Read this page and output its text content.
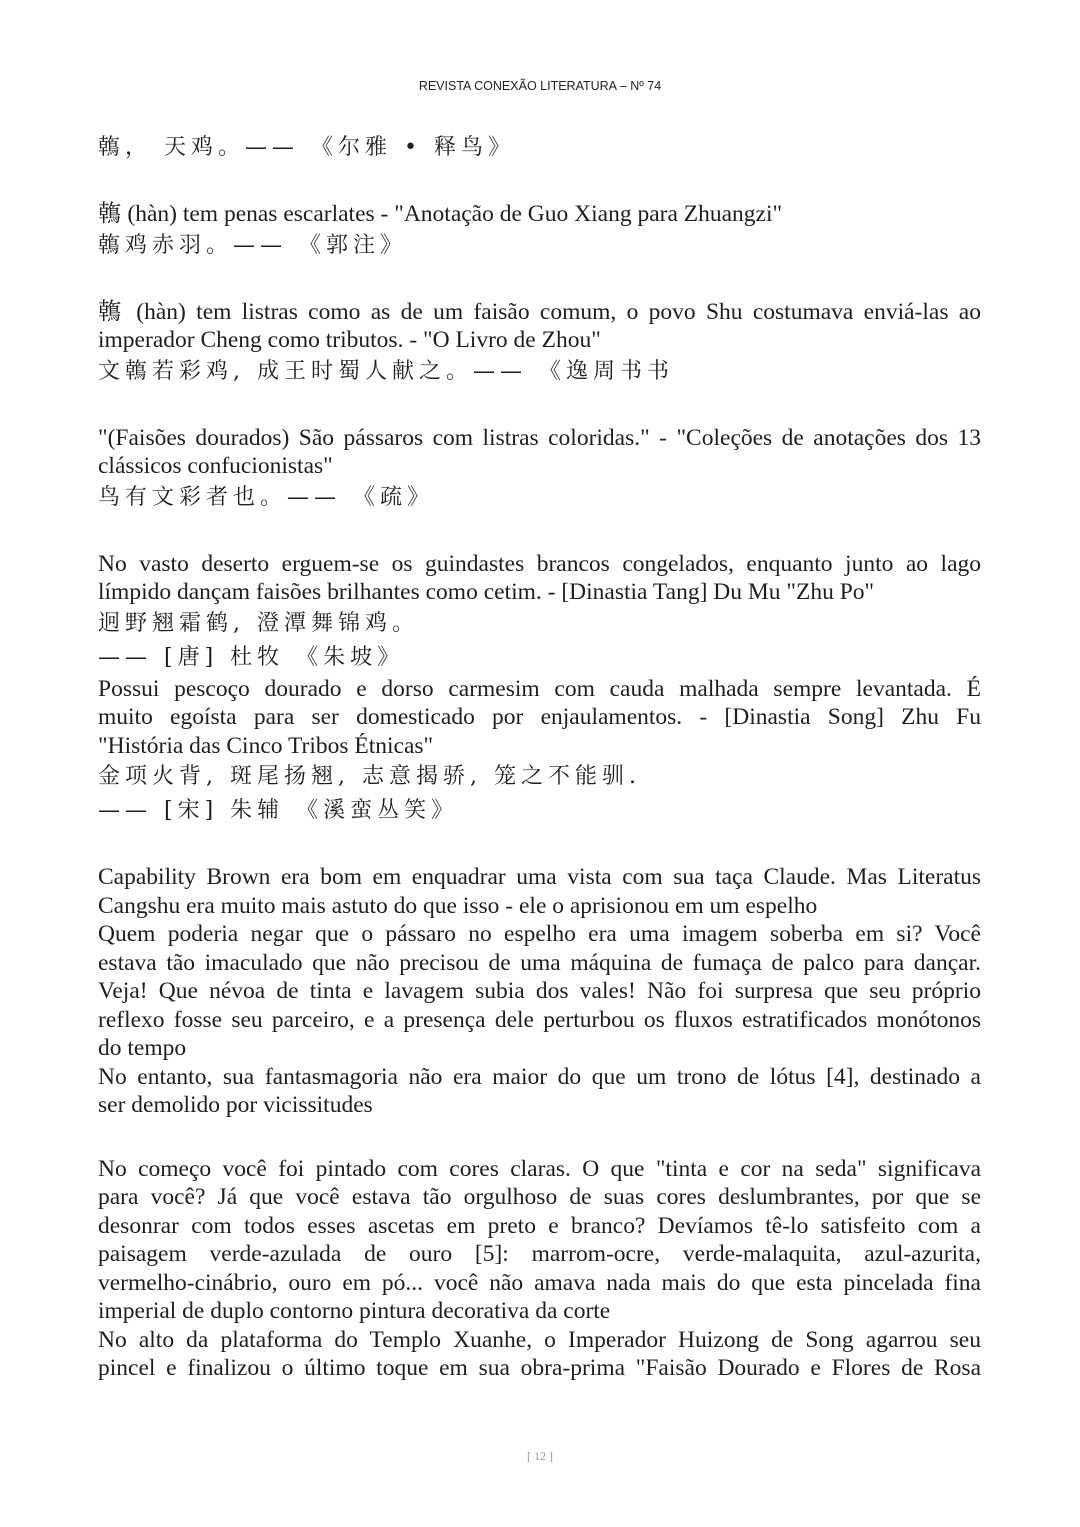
REVISTA CONEXÃO LITERATURA – Nº 74
鶾， 天鸡。—— 《尔雅 • 释鸟》
鶾 (hàn) tem penas escarlates - "Anotação de Guo Xiang para Zhuangzi"
鶾鸡赤羽。—— 《郭注》
鶾 (hàn) tem listras como as de um faisão comum, o povo Shu costumava enviá-las ao
imperador Cheng como tributos. - "O Livro de Zhou"
文鶾若彩鸡, 成王时蜀人献之。—— 《逸周书书
"(Faisões dourados) São pássaros com listras coloridas." - "Coleções de anotações dos 13
clássicos confucionistas"
鸟有文彩者也。—— 《疏》
No vasto deserto erguem-se os guindastes brancos congelados, enquanto junto ao lago
límpido dançam faisões brilhantes como cetim. - [Dinastia Tang] Du Mu "Zhu Po"
迥野翘霜鹤, 澄潭舞锦鸡。
—— [唐] 杜牧 《朱坡》
Possui pescoço dourado e dorso carmesim com cauda malhada sempre levantada. É
muito egoísta para ser domesticado por enjaulamentos. - [Dinastia Song] Zhu Fu
"História das Cinco Tribos Étnicas"
金项火背, 斑尾扬翘, 志意揭骄, 笼之不能驯.
—— [宋] 朱辅 《溪蛮丛笑》
Capability Brown era bom em enquadrar uma vista com sua taça Claude. Mas Literatus
Cangshu era muito mais astuto do que isso - ele o aprisionou em um espelho
Quem poderia negar que o pássaro no espelho era uma imagem soberba em si? Você
estava tão imaculado que não precisou de uma máquina de fumaça de palco para dançar.
Veja! Que névoa de tinta e lavagem subia dos vales! Não foi surpresa que seu próprio
reflexo fosse seu parceiro, e a presença dele perturbou os fluxos estratificados monótonos
do tempo
No entanto, sua fantasmagoria não era maior do que um trono de lótus [4], destinado a
ser demolido por vicissitudes
No começo você foi pintado com cores claras. O que "tinta e cor na seda" significava
para você? Já que você estava tão orgulhoso de suas cores deslumbrantes, por que se
desonrar com todos esses ascetas em preto e branco? Devíamos tê-lo satisfeito com a
paisagem verde-azulada de ouro [5]: marrom-ocre, verde-malaquita, azul-azurita,
vermelho-cinábrio, ouro em pó... você não amava nada mais do que esta pincelada fina
imperial de duplo contorno pintura decorativa da corte
No alto da plataforma do Templo Xuanhe, o Imperador Huizong de Song agarrou seu
pincel e finalizou o último toque em sua obra-prima "Faisão Dourado e Flores de Rosa
[ 12 ]
